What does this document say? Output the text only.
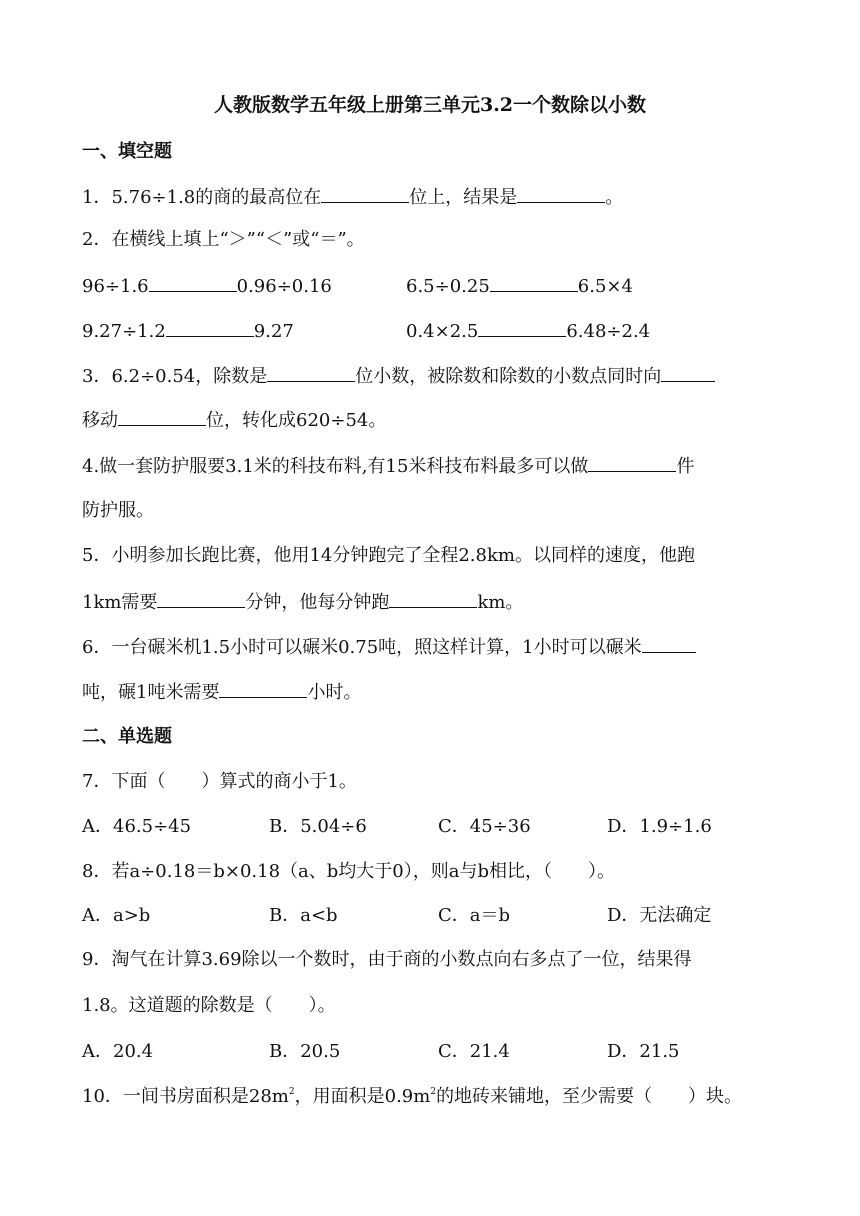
人教版数学五年级上册第三单元3.2一个数除以小数
一、填空题
1．5.76÷1.8的商的最高位在	位上，结果是	。
2．在横线上填上“＞”“＜”或“＝”。
96÷1.6	0.96÷0.16	6.5÷0.25	6.5×4
9.27÷1.2	9.27	0.4×2.5	6.48÷2.4
3．6.2÷0.54，除数是	位小数，被除数和除数的小数点同时向
移动	位，转化成620÷54。
4.做一套防护服要3.1米的科技布料,有15米科技布料最多可以做	件
防护服。
5．小明参加长跑比赛，他用14分钟跑完了全程2.8km。以同样的速度，他跑
1km需要	分钟，他每分钟跑	km。
6．一台碾米机1.5小时可以碾米0.75吨，照这样计算，1小时可以碾米
吨，碾1吨米需要	小时。
二、单选题
7．下面（　　）算式的商小于1。
A．46.5÷45	B．5.04÷6	C．45÷36	D．1.9÷1.6
8．若a÷0.18＝b×0.18（a、b均大于0），则a与b相比，（　　）。
A．a>b	B．a<b	C．a＝b	D．无法确定
9．淘气在计算3.69除以一个数时，由于商的小数点向右多点了一位，结果得
1.8。这道题的除数是（　　）。
A．20.4	B．20.5	C．21.4	D．21.5
10．一间书房面积是$28m^2$，用面积是$0.9m^2$的地砖来铺地，至少需要（　　）块。
